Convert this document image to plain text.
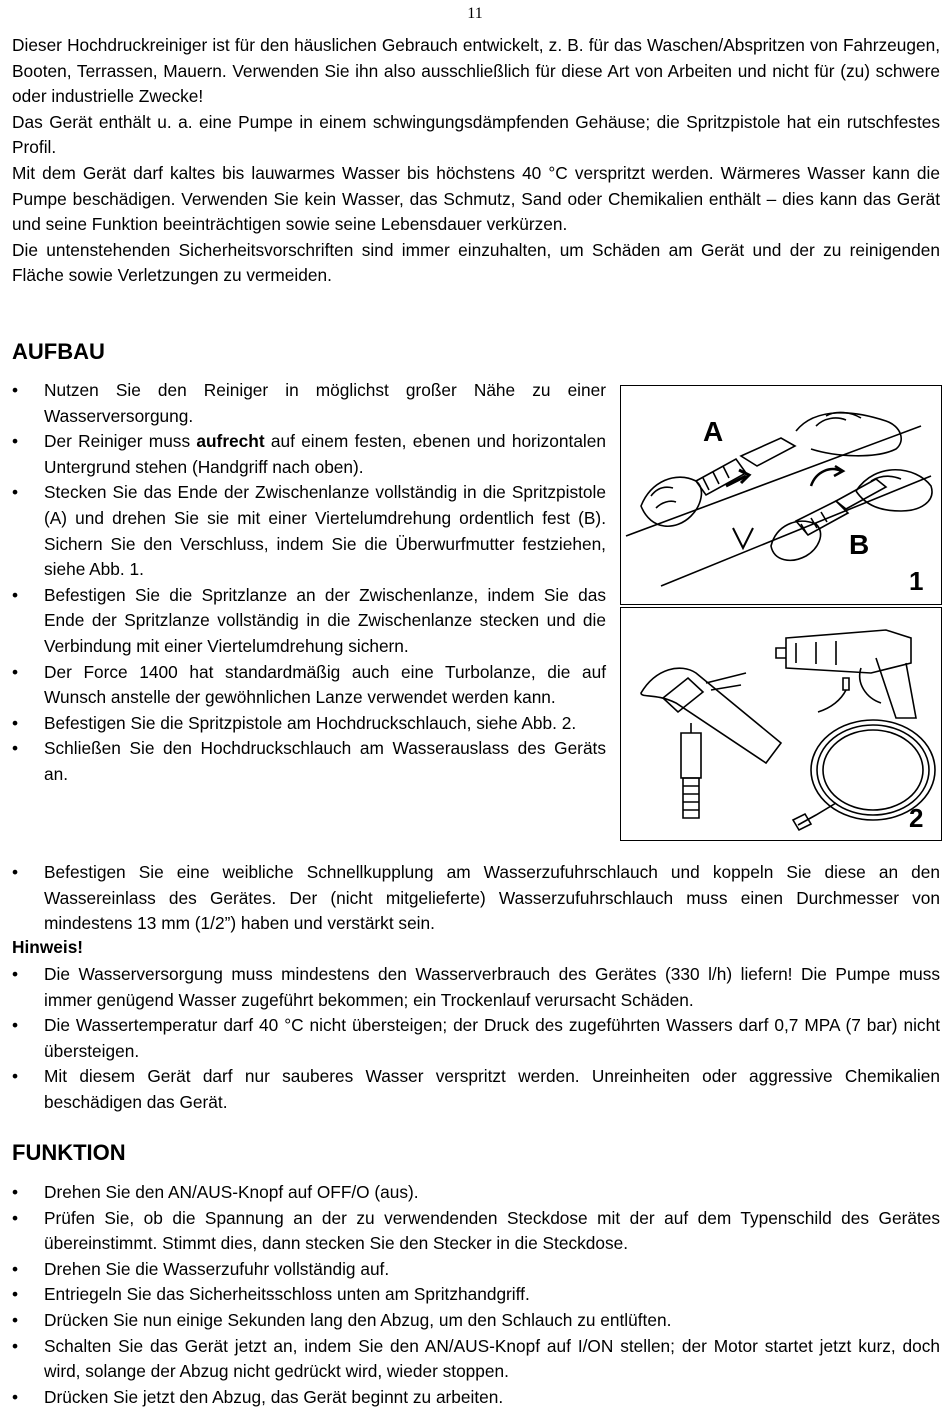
11

Dieser Hochdruckreiniger ist für den häuslichen Gebrauch entwickelt, z. B. für das Waschen/Abspritzen von Fahrzeugen, Booten, Terrassen, Mauern. Verwenden Sie ihn also ausschließlich für diese Art von Arbeiten und nicht für (zu) schwere oder industrielle Zwecke!

Das Gerät enthält u. a. eine Pumpe in einem schwingungsdämpfenden Gehäuse; die Spritzpistole hat ein rutschfestes Profil.

Mit dem Gerät darf kaltes bis lauwarmes Wasser bis höchstens 40 °C verspritzt werden. Wärmeres Wasser kann die Pumpe beschädigen. Verwenden Sie kein Wasser, das Schmutz, Sand oder Chemikalien enthält – dies kann das Gerät und seine Funktion beeinträchtigen sowie seine Lebensdauer verkürzen.

Die untenstehenden Sicherheitsvorschriften sind immer einzuhalten, um Schäden am Gerät und der zu reinigenden Fläche sowie Verletzungen zu vermeiden.

AUFBAU
• Nutzen Sie den Reiniger in möglichst großer Nähe zu einer Wasserversorgung.
• Der Reiniger muss aufrecht auf einem festen, ebenen und horizontalen Untergrund stehen (Handgriff nach oben).
• Stecken Sie das Ende der Zwischenlanze vollständig in die Spritzpistole (A) und drehen Sie sie mit einer Viertelumdrehung ordentlich fest (B). Sichern Sie den Verschluss, indem Sie die Überwurfmutter festziehen, siehe Abb. 1.
• Befestigen Sie die Spritzlanze an der Zwischenlanze, indem Sie das Ende der Spritzlanze vollständig in die Zwischenlanze stecken und die Verbindung mit einer Viertelumdrehung sichern.
• Der Force 1400 hat standardmäßig auch eine Turbolanze, die auf Wunsch anstelle der gewöhnlichen Lanze verwendet werden kann.
• Befestigen Sie die Spritzpistole am Hochdruckschlauch, siehe Abb. 2.
• Schließen Sie den Hochdruckschlauch am Wasserauslass des Geräts an.
• Befestigen Sie eine weibliche Schnellkupplung am Wasserzufuhrschlauch und koppeln Sie diese an den Wassereinlass des Gerätes. Der (nicht mitgelieferte) Wasserzufuhrschlauch muss einen Durchmesser von mindestens 13 mm (1/2”) haben und verstärkt sein.
Hinweis!
• Die Wasserversorgung muss mindestens den Wasserverbrauch des Gerätes (330 l/h) liefern! Die Pumpe muss immer genügend Wasser zugeführt bekommen; ein Trockenlauf verursacht Schäden.
• Die Wassertemperatur darf 40 °C nicht übersteigen; der Druck des zugeführten Wassers darf 0,7 MPA (7 bar) nicht übersteigen.
• Mit diesem Gerät darf nur sauberes Wasser verspritzt werden. Unreinheiten oder aggressive Chemikalien beschädigen das Gerät.
FUNKTION
• Drehen Sie den AN/AUS-Knopf auf OFF/O (aus).
• Prüfen Sie, ob die Spannung an der zu verwendenden Steckdose mit der auf dem Typenschild des Gerätes übereinstimmt. Stimmt dies, dann stecken Sie den Stecker in die Steckdose.
• Drehen Sie die Wasserzufuhr vollständig auf.
• Entriegeln Sie das Sicherheitsschloss unten am Spritzhandgriff.
• Drücken Sie nun einige Sekunden lang den Abzug, um den Schlauch zu entlüften.
• Schalten Sie das Gerät jetzt an, indem Sie den AN/AUS-Knopf auf I/ON stellen; der Motor startet jetzt kurz, doch wird, solange der Abzug nicht gedrückt wird, wieder stoppen.
• Drücken Sie jetzt den Abzug, das Gerät beginnt zu arbeiten.
A
B
1
2
